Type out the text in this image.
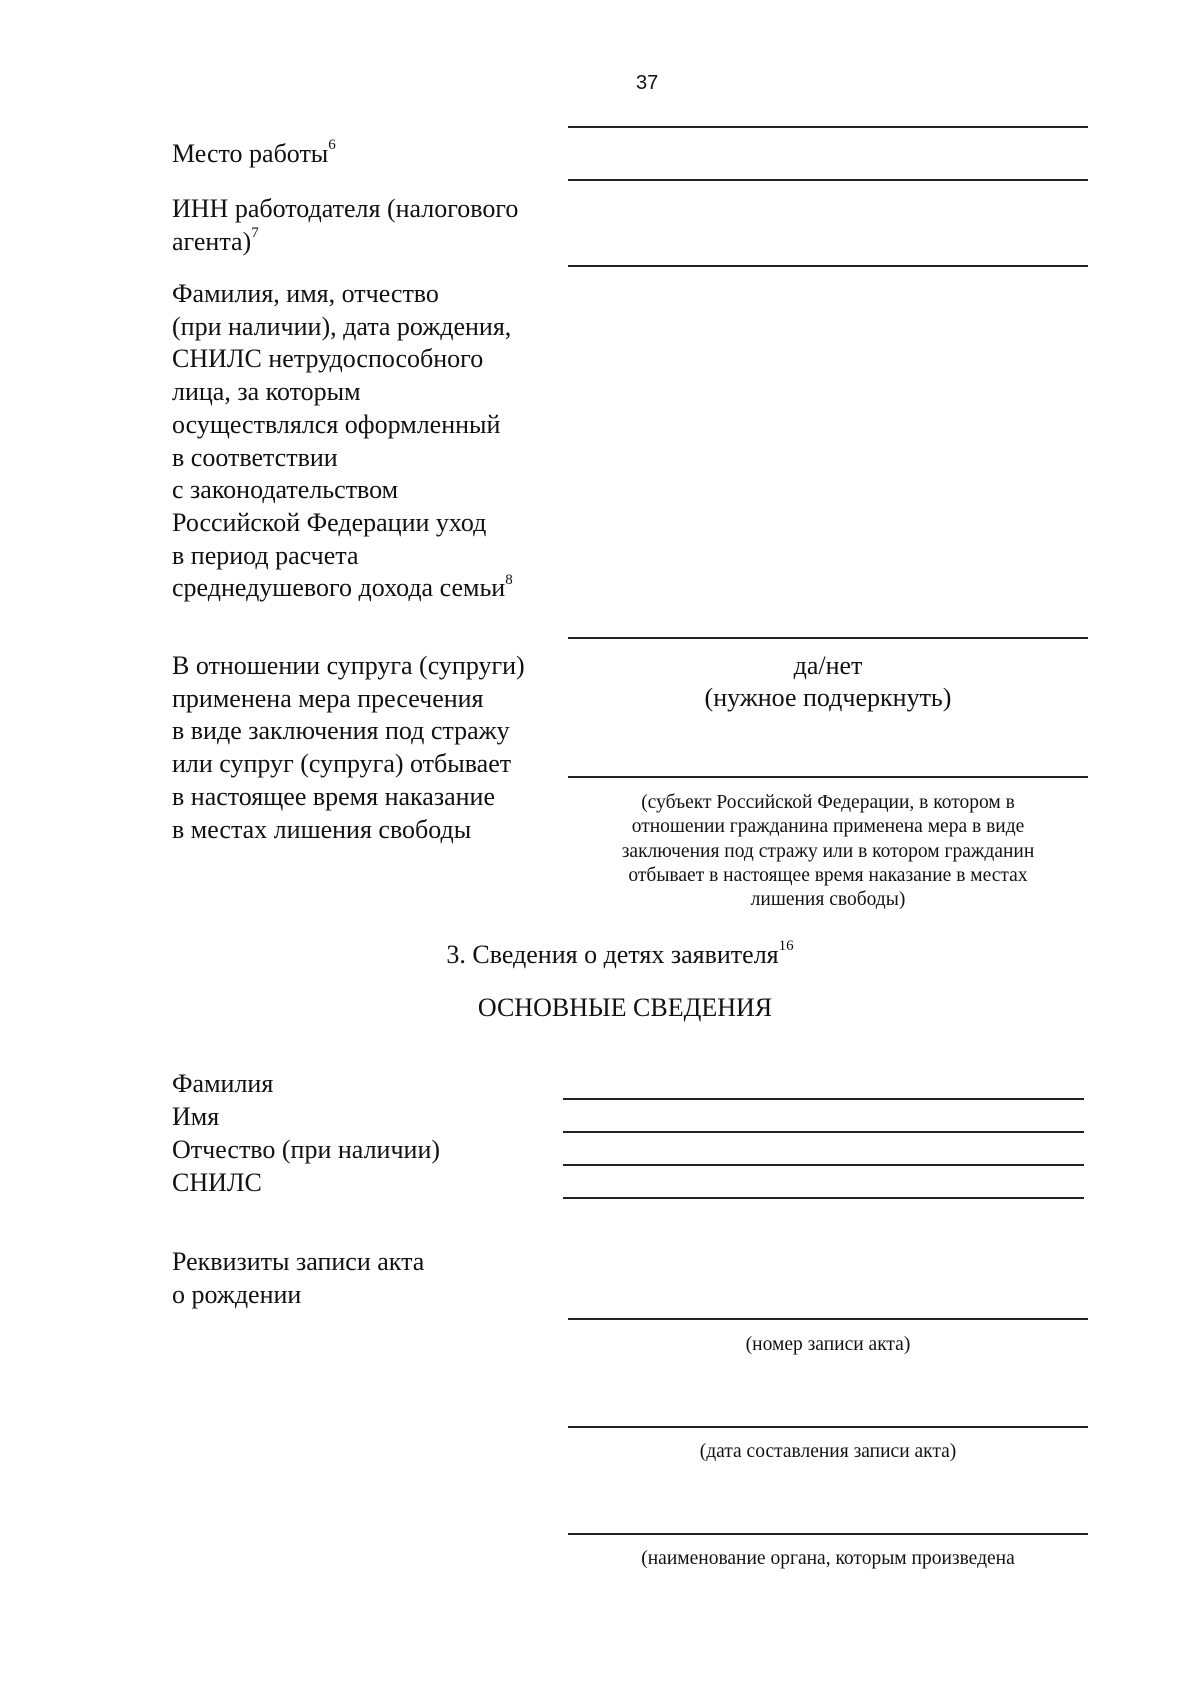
37
Место работы$^6$
ИНН работодателя (налогового
агента)$^7$
Фамилия, имя, отчество
(при наличии), дата рождения,
СНИЛС нетрудоспособного
лица, за которым
осуществлялся оформленный
в соответствии
с законодательством
Российской Федерации уход
в период расчета
среднедушевого дохода семьи$^8$
В отношении супруга (супруги)
применена мера пресечения
в виде заключения под стражу
или супруг (супруга) отбывает
в настоящее время наказание
в местах лишения свободы
да/нет
(нужное подчеркнуть)
(субъект Российской Федерации, в котором в
отношении гражданина применена мера в виде
заключения под стражу или в котором гражданин
отбывает в настоящее время наказание в местах
лишения свободы)
3. Сведения о детях заявителя$^{16}$
ОСНОВНЫЕ СВЕДЕНИЯ
Фамилия
Имя
Отчество (при наличии)
СНИЛС
Реквизиты записи акта
о рождении
(номер записи акта)
(дата составления записи акта)
(наименование органа, которым произведена
